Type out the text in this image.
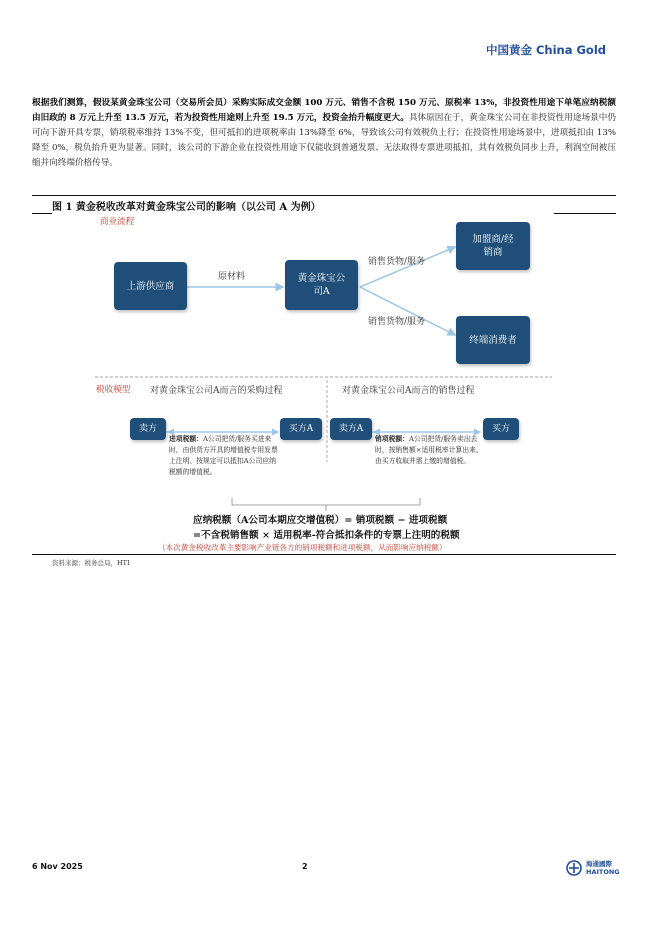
中国黄金 China Gold
根据我们测算，假设某黄金珠宝公司（交易所会员）采购实际成交金额 100 万元、销售不含税 150 万元、原税率 13%，非投资性用途下单笔应纳税额由旧政的 8 万元上升至 13.5 万元，若为投资性用途则上升至 19.5 万元，投资金抬升幅度更大。具体原因在于，黄金珠宝公司在非投资性用途场景中仍可向下游开具专票，销项税率维持 13%不变，但可抵扣的进项税率由 13%降至 6%，导致该公司有效税负上行；在投资性用途场景中，进项抵扣由 13%降至 0%，税负抬升更为显著。同时，该公司的下游企业在投资性用途下仅能收到普通发票、无法取得专票进项抵扣，其有效税负同步上升，利润空间被压缩并向终端价格传导。
图 1 黄金税收改革对黄金珠宝公司的影响（以公司 A 为例）
商业流程
上游供应商
原材料	黄金珠宝公司A
销售货物/服务
销售货物/服务
加盟商/经销商
终端消费者
税收模型 对黄金珠宝公司A而言的采购过程	对黄金珠宝公司A而言的销售过程
卖方	买方A	卖方A	买方
进项税额：A公司把货/服务买进来时，由供货方开具的增值税专用发票上注明、按规定可以抵扣A公司应纳税额的增值税。
销项税额：A公司把货/服务卖出去时，按销售额×适用税率计算出来、由买方收取并需上缴的增值税。
应纳税额（A公司本期应交增值税）= 销项税额 − 进项税额
=不含税销售额 × 适用税率-符合抵扣条件的专票上注明的税额
（本次黄金税收改革主要影响产业链各方的销项税额和进项税额，从而影响应纳税额）
资料来源：税务总局，HTI
6 Nov 2025	2	海通國際
HAITONG
